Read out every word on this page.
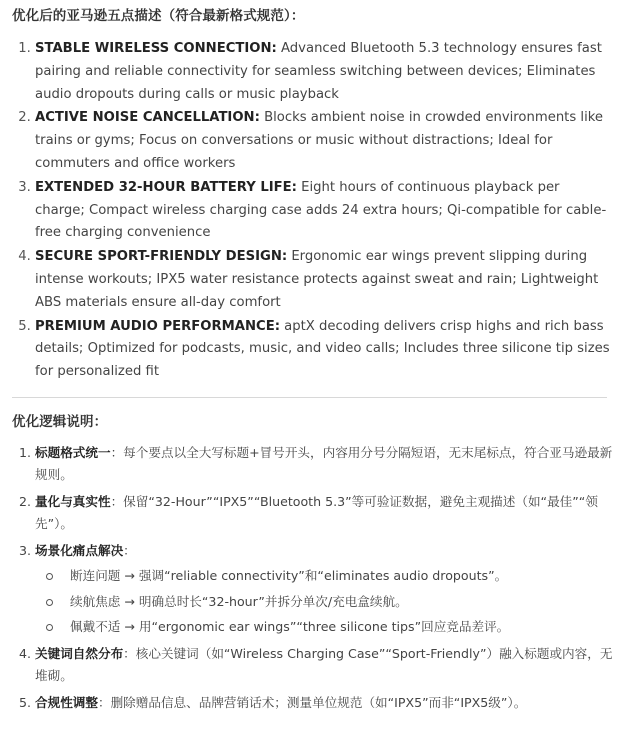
优化后的亚马逊五点描述（符合最新格式规范）：

1. STABLE WIRELESS CONNECTION: Advanced Bluetooth 5.3 technology ensures fast pairing and reliable connectivity for seamless switching between devices; Eliminates audio dropouts during calls or music playback
2. ACTIVE NOISE CANCELLATION: Blocks ambient noise in crowded environments like trains or gyms; Focus on conversations or music without distractions; Ideal for commuters and office workers
3. EXTENDED 32-HOUR BATTERY LIFE: Eight hours of continuous playback per charge; Compact wireless charging case adds 24 extra hours; Qi-compatible for cable-free charging convenience
4. SECURE SPORT-FRIENDLY DESIGN: Ergonomic ear wings prevent slipping during intense workouts; IPX5 water resistance protects against sweat and rain; Lightweight ABS materials ensure all-day comfort
5. PREMIUM AUDIO PERFORMANCE: aptX decoding delivers crisp highs and rich bass details; Optimized for podcasts, music, and video calls; Includes three silicone tip sizes for personalized fit

优化逻辑说明：

1. 标题格式统一：每个要点以全大写标题+冒号开头，内容用分号分隔短语，无末尾标点，符合亚马逊最新规则。
2. 量化与真实性：保留“32-Hour”“IPX5”“Bluetooth 5.3”等可验证数据，避免主观描述（如“最佳”“领先”）。
3. 场景化痛点解决：
断连问题 → 强调“reliable connectivity”和“eliminates audio dropouts”。
续航焦虑 → 明确总时长“32-hour”并拆分单次/充电盒续航。
佩戴不适 → 用“ergonomic ear wings”“three silicone tips”回应竞品差评。
4. 关键词自然分布：核心关键词（如“Wireless Charging Case”“Sport-Friendly”）融入标题或内容，无堆砌。
5. 合规性调整：删除赠品信息、品牌营销话术；测量单位规范（如“IPX5”而非“IPX5级”）。
